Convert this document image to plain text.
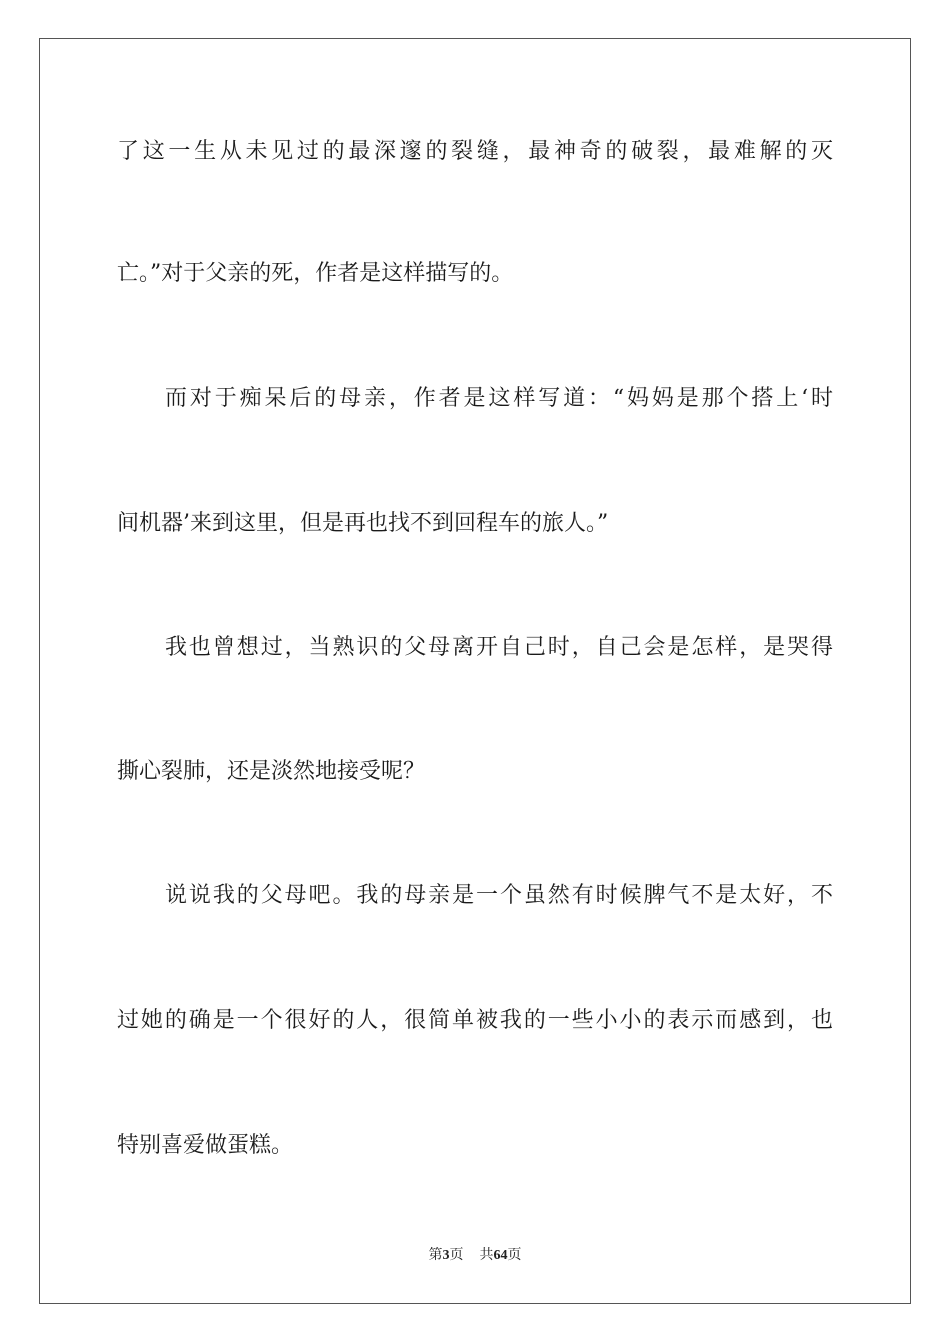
了这一生从未见过的最深邃的裂缝，最神奇的破裂，最难解的灭
亡。”对于父亲的死，作者是这样描写的。
而对于痴呆后的母亲，作者是这样写道：“妈妈是那个搭上‘时
间机器’来到这里，但是再也找不到回程车的旅人。”
我也曾想过，当熟识的父母离开自己时，自己会是怎样，是哭得
撕心裂肺，还是淡然地接受呢？
说说我的父母吧。我的母亲是一个虽然有时候脾气不是太好，不
过她的确是一个很好的人，很简单被我的一些小小的表示而感到，也
特别喜爱做蛋糕。
第3页 共64页
